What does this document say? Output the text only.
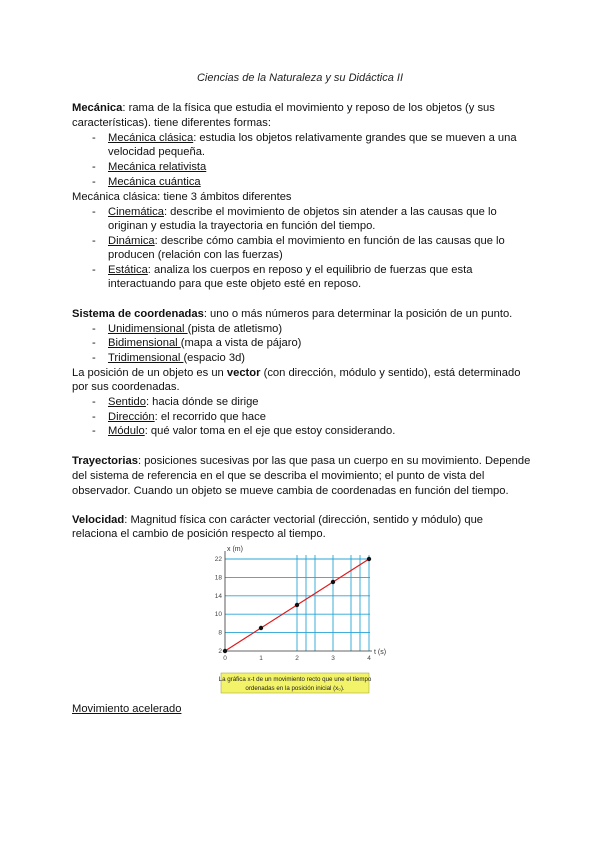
Ciencias de la Naturaleza y su Didáctica II
Mecánica: rama de la física que estudia el movimiento y reposo de los objetos (y sus
características). tiene diferentes formas:
- Mecánica clásica: estudia los objetos relativamente grandes que se mueven a una
velocidad pequeña.
- Mecánica relativista
- Mecánica cuántica
Mecánica clásica: tiene 3 ámbitos diferentes
- Cinemática: describe el movimiento de objetos sin atender a las causas que lo
originan y estudia la trayectoria en función del tiempo.
- Dinámica: describe cómo cambia el movimiento en función de las causas que lo
producen (relación con las fuerzas)
- Estática: analiza los cuerpos en reposo y el equilibrio de fuerzas que esta
interactuando para que este objeto esté en reposo.
Sistema de coordenadas: uno o más números para determinar la posición de un punto.
- Unidimensional (pista de atletismo)
- Bidimensional (mapa a vista de pájaro)
- Tridimensional (espacio 3d)
La posición de un objeto es un vector (con dirección, módulo y sentido), está determinado
por sus coordenadas.
- Sentido: hacia dónde se dirige
- Dirección: el recorrido que hace
- Módulo: qué valor toma en el eje que estoy considerando.
Trayectorias: posiciones sucesivas por las que pasa un cuerpo en su movimiento. Depende
del sistema de referencia en el que se describa el movimiento; el punto de vista del
observador. Cuando un objeto se mueve cambia de coordenadas en función del tiempo.
Velocidad: Magnitud física con carácter vectorial (dirección, sentido y módulo) que
relaciona el cambio de posición respecto al tiempo.
0	1	2	3	4
2
8
10
14
18
22
t (s)
x (m)
La gráfica x-t de un movimiento recto que une el tiempo
ordenadas en la posición inicial (x₀).
Movimiento acelerado
